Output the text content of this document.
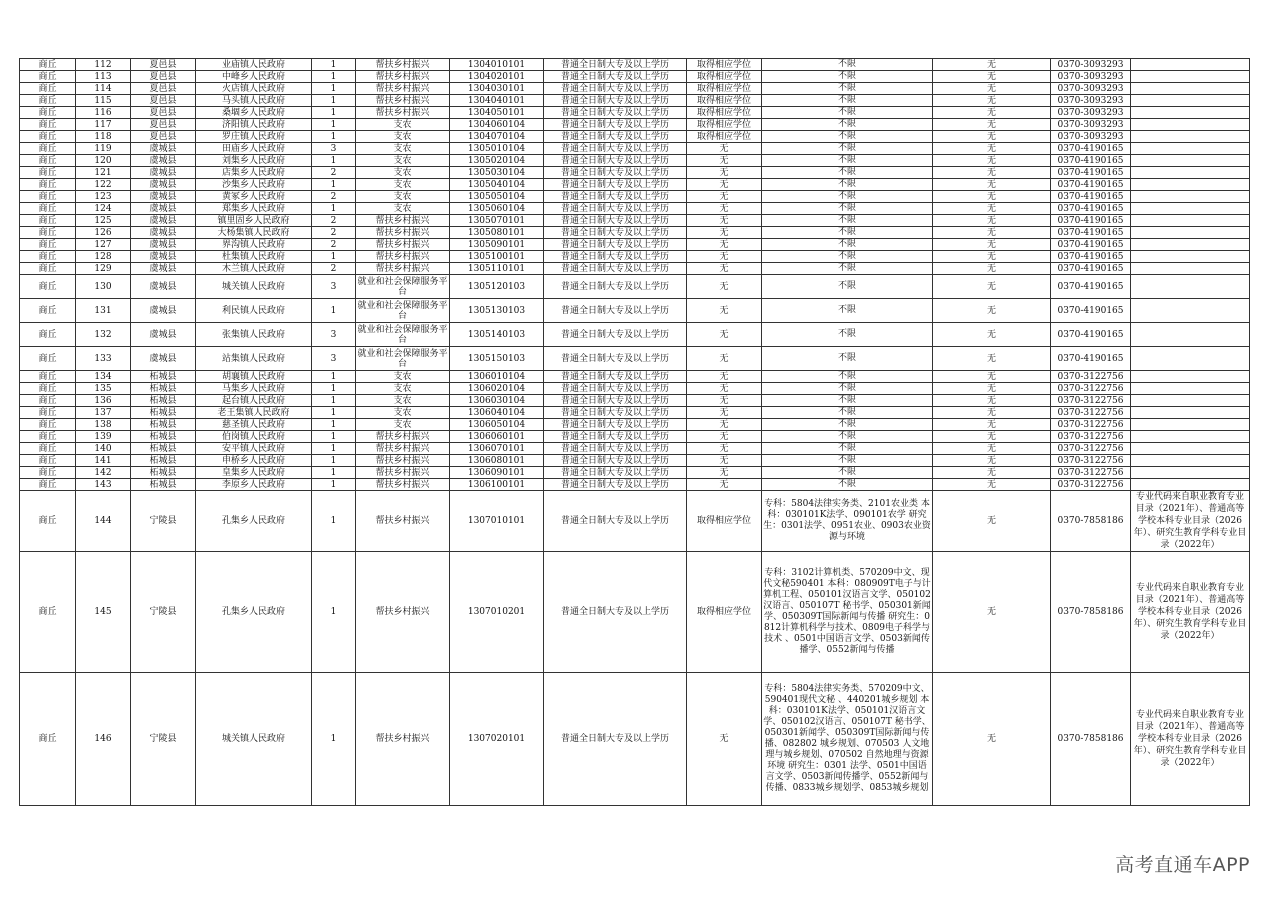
商丘	112	夏邑县	业庙镇人民政府	1	帮扶乡村振兴	1304010101	普通全日制大专及以上学历	取得相应学位	不限	无	0370-3093293	
商丘	113	夏邑县	中峰乡人民政府	1	帮扶乡村振兴	1304020101	普通全日制大专及以上学历	取得相应学位	不限	无	0370-3093293	
商丘	114	夏邑县	火店镇人民政府	1	帮扶乡村振兴	1304030101	普通全日制大专及以上学历	取得相应学位	不限	无	0370-3093293	
商丘	115	夏邑县	马头镇人民政府	1	帮扶乡村振兴	1304040101	普通全日制大专及以上学历	取得相应学位	不限	无	0370-3093293	
商丘	116	夏邑县	桑堌乡人民政府	1	帮扶乡村振兴	1304050101	普通全日制大专及以上学历	取得相应学位	不限	无	0370-3093293	
商丘	117	夏邑县	济阳镇人民政府	1	支农	1304060104	普通全日制大专及以上学历	取得相应学位	不限	无	0370-3093293	
商丘	118	夏邑县	罗庄镇人民政府	1	支农	1304070104	普通全日制大专及以上学历	取得相应学位	不限	无	0370-3093293	
商丘	119	虞城县	田庙乡人民政府	3	支农	1305010104	普通全日制大专及以上学历	无	不限	无	0370-4190165	
商丘	120	虞城县	刘集乡人民政府	1	支农	1305020104	普通全日制大专及以上学历	无	不限	无	0370-4190165	
商丘	121	虞城县	店集乡人民政府	2	支农	1305030104	普通全日制大专及以上学历	无	不限	无	0370-4190165	
商丘	122	虞城县	沙集乡人民政府	1	支农	1305040104	普通全日制大专及以上学历	无	不限	无	0370-4190165	
商丘	123	虞城县	黄冢乡人民政府	2	支农	1305050104	普通全日制大专及以上学历	无	不限	无	0370-4190165	
商丘	124	虞城县	郑集乡人民政府	1	支农	1305060104	普通全日制大专及以上学历	无	不限	无	0370-4190165	
商丘	125	虞城县	镇里固乡人民政府	2	帮扶乡村振兴	1305070101	普通全日制大专及以上学历	无	不限	无	0370-4190165	
商丘	126	虞城县	大杨集镇人民政府	2	帮扶乡村振兴	1305080101	普通全日制大专及以上学历	无	不限	无	0370-4190165	
商丘	127	虞城县	界沟镇人民政府	2	帮扶乡村振兴	1305090101	普通全日制大专及以上学历	无	不限	无	0370-4190165	
商丘	128	虞城县	杜集镇人民政府	1	帮扶乡村振兴	1305100101	普通全日制大专及以上学历	无	不限	无	0370-4190165	
商丘	129	虞城县	木兰镇人民政府	2	帮扶乡村振兴	1305110101	普通全日制大专及以上学历	无	不限	无	0370-4190165	
商丘	130	虞城县	城关镇人民政府	3	就业和社会保障服务平台	1305120103	普通全日制大专及以上学历	无	不限	无	0370-4190165	
商丘	131	虞城县	利民镇人民政府	1	就业和社会保障服务平台	1305130103	普通全日制大专及以上学历	无	不限	无	0370-4190165	
商丘	132	虞城县	张集镇人民政府	3	就业和社会保障服务平台	1305140103	普通全日制大专及以上学历	无	不限	无	0370-4190165	
商丘	133	虞城县	站集镇人民政府	3	就业和社会保障服务平台	1305150103	普通全日制大专及以上学历	无	不限	无	0370-4190165	
商丘	134	柘城县	胡襄镇人民政府	1	支农	1306010104	普通全日制大专及以上学历	无	不限	无	0370-3122756	
商丘	135	柘城县	马集乡人民政府	1	支农	1306020104	普通全日制大专及以上学历	无	不限	无	0370-3122756	
商丘	136	柘城县	起台镇人民政府	1	支农	1306030104	普通全日制大专及以上学历	无	不限	无	0370-3122756	
商丘	137	柘城县	老王集镇人民政府	1	支农	1306040104	普通全日制大专及以上学历	无	不限	无	0370-3122756	
商丘	138	柘城县	慈圣镇人民政府	1	支农	1306050104	普通全日制大专及以上学历	无	不限	无	0370-3122756	
商丘	139	柘城县	伯岗镇人民政府	1	帮扶乡村振兴	1306060101	普通全日制大专及以上学历	无	不限	无	0370-3122756	
商丘	140	柘城县	安平镇人民政府	1	帮扶乡村振兴	1306070101	普通全日制大专及以上学历	无	不限	无	0370-3122756	
商丘	141	柘城县	申桥乡人民政府	1	帮扶乡村振兴	1306080101	普通全日制大专及以上学历	无	不限	无	0370-3122756	
商丘	142	柘城县	皇集乡人民政府	1	帮扶乡村振兴	1306090101	普通全日制大专及以上学历	无	不限	无	0370-3122756	
商丘	143	柘城县	李原乡人民政府	1	帮扶乡村振兴	1306100101	普通全日制大专及以上学历	无	不限	无	0370-3122756	
商丘	144	宁陵县	孔集乡人民政府	1	帮扶乡村振兴	1307010101	普通全日制大专及以上学历	取得相应学位	专科：5804法律实务类、2101农业类 本科：030101K法学、090101农学 研究生：0301法学、0951农业、0903农业资源与环境	无	0370-7858186	专业代码来自职业教育专业目录（2021年）、普通高等学校本科专业目录（2026年）、研究生教育学科专业目录（2022年）
商丘	145	宁陵县	孔集乡人民政府	1	帮扶乡村振兴	1307010201	普通全日制大专及以上学历	取得相应学位	专科：3102计算机类、570209中文、现代文秘590401 本科：080909T电子与计算机工程、050101汉语言文学、050102 汉语言、050107T 秘书学、050301新闻学、050309T国际新闻与传播 研究生：0812计算机科学与技术、0809电子科学与技术 、0501中国语言文学、0503新闻传播学、0552新闻与传播	无	0370-7858186	专业代码来自职业教育专业目录（2021年）、普通高等学校本科专业目录（2026年）、研究生教育学科专业目录（2022年）
商丘	146	宁陵县	城关镇人民政府	1	帮扶乡村振兴	1307020101	普通全日制大专及以上学历	无	专科：5804法律实务类、570209中文、590401现代文秘 、440201城乡规划 本科：030101K法学、050101汉语言文学、050102汉语言、050107T 秘书学、050301新闻学、050309T国际新闻与传播、082802 城乡规划、070503 人文地理与城乡规划、070502 自然地理与资源环境 研究生：0301 法学、0501中国语言文学、0503新闻传播学、0552新闻与传播、0833城乡规划学、0853城乡规划	无	0370-7858186	专业代码来自职业教育专业目录（2021年）、普通高等学校本科专业目录（2026年）、研究生教育学科专业目录（2022年）
高考直通车APP
